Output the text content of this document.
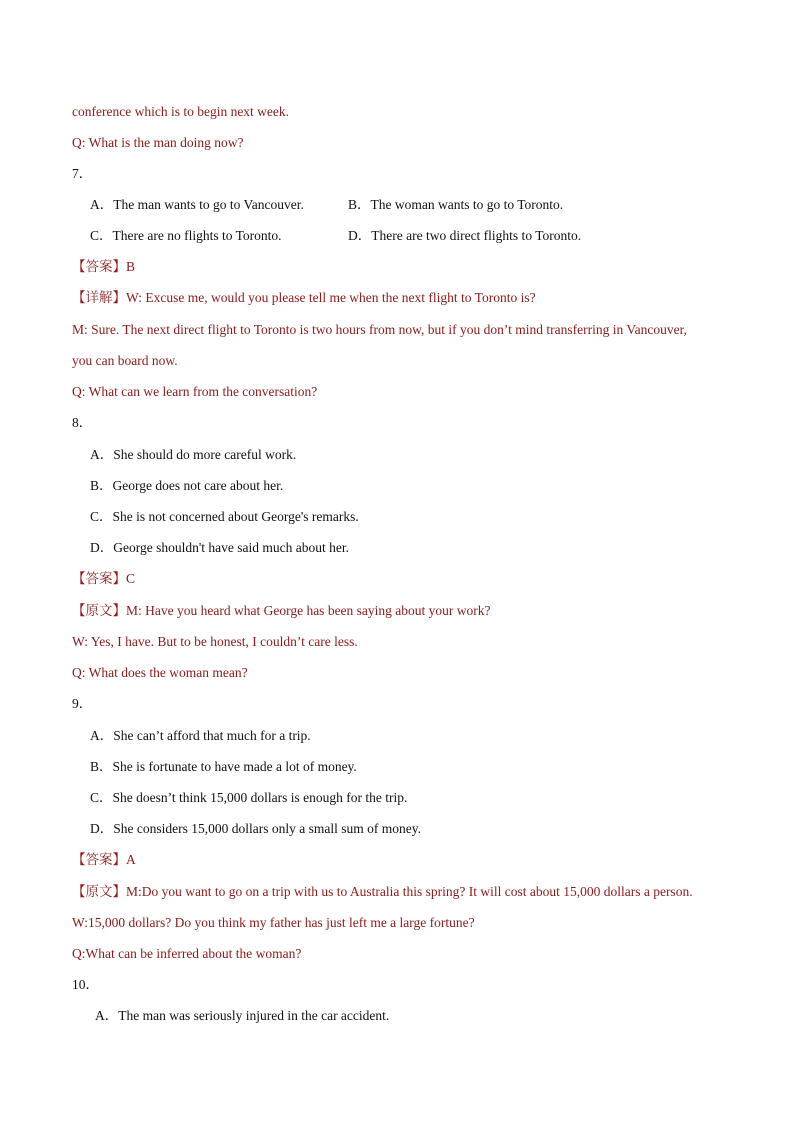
conference which is to begin next week.
Q: What is the man doing now?
7．
A．The man wants to go to Vancouver.	B．The woman wants to go to Toronto.
C．There are no flights to Toronto.	D．There are two direct flights to Toronto.
【答案】B
【详解】W: Excuse me, would you please tell me when the next flight to Toronto is?
M: Sure. The next direct flight to Toronto is two hours from now, but if you don’t mind transferring in Vancouver,
you can board now.
Q: What can we learn from the conversation?
8．
A．She should do more careful work.
B．George does not care about her.
C．She is not concerned about George's remarks.
D．George shouldn't have said much about her.
【答案】C
【原文】M: Have you heard what George has been saying about your work?
W: Yes, I have. But to be honest, I couldn’t care less.
Q: What does the woman mean?
9．
A．She can’t afford that much for a trip.
B．She is fortunate to have made a lot of money.
C．She doesn’t think 15,000 dollars is enough for the trip.
D．She considers 15,000 dollars only a small sum of money.
【答案】A
【原文】M:Do you want to go on a trip with us to Australia this spring? It will cost about 15,000 dollars a person.
W:15,000 dollars? Do you think my father has just left me a large fortune?
Q:What can be inferred about the woman?
10．
A．The man was seriously injured in the car accident.
